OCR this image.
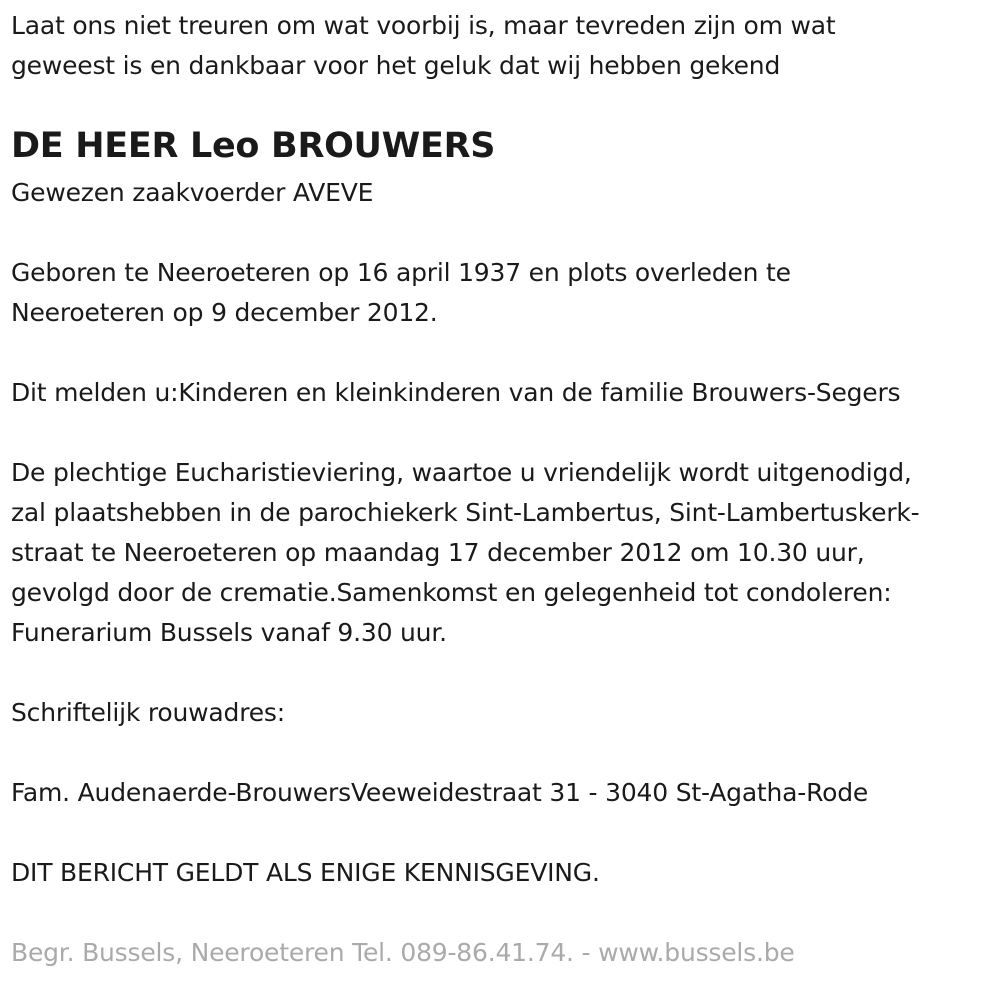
Laat ons niet treuren om wat voorbij is, maar tevreden zijn om wat
geweest is en dankbaar voor het geluk dat wij hebben gekend
DE HEER Leo BROUWERS
Gewezen zaakvoerder AVEVE
Geboren te Neeroeteren op 16 april 1937 en plots overleden te
Neeroeteren op 9 december 2012.
Dit melden u:Kinderen en kleinkinderen van de familie Brouwers-Segers
De plechtige Eucharistieviering, waartoe u vriendelijk wordt uitgenodigd,
zal plaatshebben in de parochiekerk Sint-Lambertus, Sint-Lambertuskerk-
straat te Neeroeteren op maandag 17 december 2012 om 10.30 uur,
gevolgd door de crematie.Samenkomst en gelegenheid tot condoleren:
Funerarium Bussels vanaf 9.30 uur.
Schriftelijk rouwadres:
Fam. Audenaerde-BrouwersVeeweidestraat 31 - 3040 St-Agatha-Rode
DIT BERICHT GELDT ALS ENIGE KENNISGEVING.
Begr. Bussels, Neeroeteren Tel. 089-86.41.74. - www.bussels.be
